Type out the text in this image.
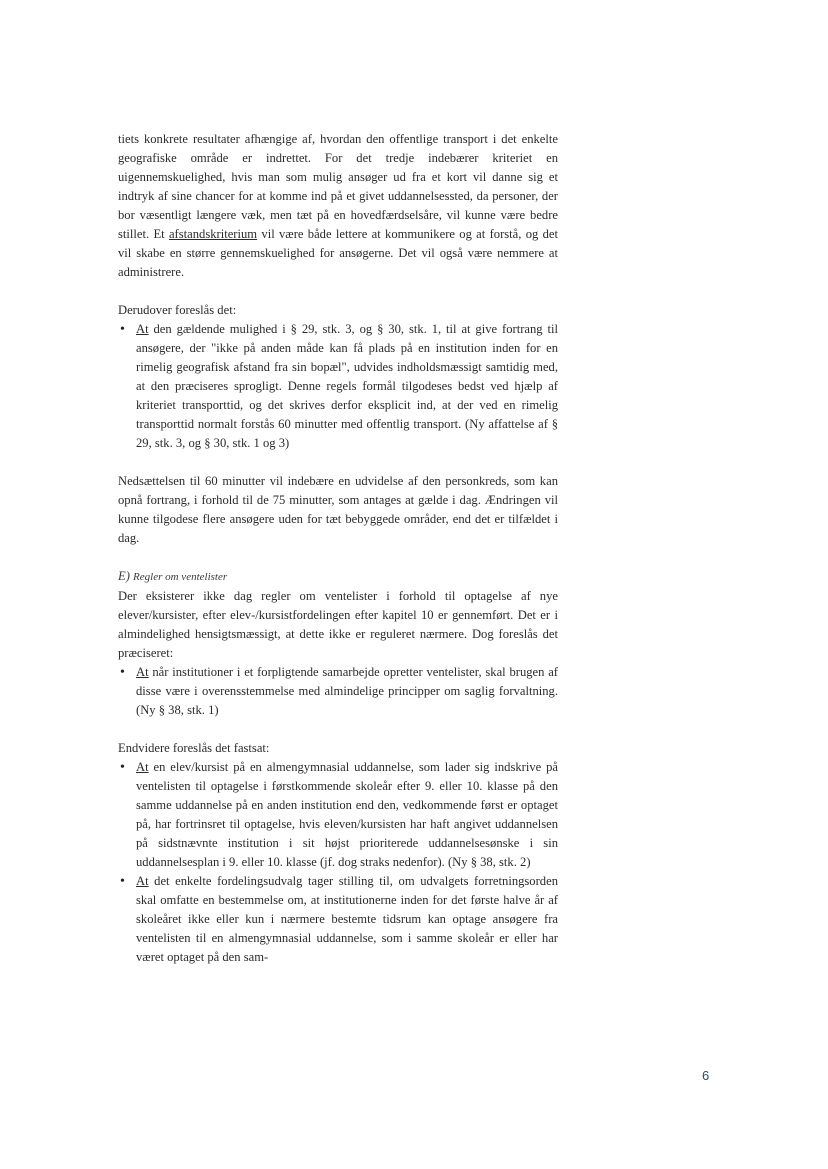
tiets konkrete resultater afhængige af, hvordan den offentlige transport i det enkelte geografiske område er indrettet. For det tredje indebærer kriteriet en uigennemskuelighed, hvis man som mulig ansøger ud fra et kort vil danne sig et indtryk af sine chancer for at komme ind på et givet uddannelsessted, da personer, der bor væsentligt længere væk, men tæt på en hovedfærdselsåre, vil kunne være bedre stillet. Et afstandskriterium vil være både lettere at kommunikere og at forstå, og det vil skabe en større gennemskuelighed for ansøgerne. Det vil også være nemmere at administrere.

Derudover foreslås det:

• At den gældende mulighed i § 29, stk. 3, og § 30, stk. 1, til at give fortrang til ansøgere, der "ikke på anden måde kan få plads på en institution inden for en rimelig geografisk afstand fra sin bopæl", udvides indholdsmæssigt samtidig med, at den præciseres sprogligt. Denne regels formål tilgodeses bedst ved hjælp af kriteriet transporttid, og det skrives derfor eksplicit ind, at der ved en rimelig transporttid normalt forstås 60 minutter med offentlig transport. (Ny affattelse af § 29, stk. 3, og § 30, stk. 1 og 3)

Nedsættelsen til 60 minutter vil indebære en udvidelse af den personkreds, som kan opnå fortrang, i forhold til de 75 minutter, som antages at gælde i dag. Ændringen vil kunne tilgodese flere ansøgere uden for tæt bebyggede områder, end det er tilfældet i dag.

E) Regler om ventelister

Der eksisterer ikke dag regler om ventelister i forhold til optagelse af nye elever/kursister, efter elev-/kursistfordelingen efter kapitel 10 er gennemført. Det er i almindelighed hensigtsmæssigt, at dette ikke er reguleret nærmere. Dog foreslås det præciseret:

• At når institutioner i et forpligtende samarbejde opretter ventelister, skal brugen af disse være i overensstemmelse med almindelige principper om saglig forvaltning. (Ny § 38, stk. 1)

Endvidere foreslås det fastsat:

• At en elev/kursist på en almengymnasial uddannelse, som lader sig indskrive på ventelisten til optagelse i førstkommende skoleår efter 9. eller 10. klasse på den samme uddannelse på en anden institution end den, vedkommende først er optaget på, har fortrinsret til optagelse, hvis eleven/kursisten har haft angivet uddannelsen på sidstnævnte institution i sit højst prioriterede uddannelsesønske i sin uddannelsesplan i 9. eller 10. klasse (jf. dog straks nedenfor). (Ny § 38, stk. 2)
• At det enkelte fordelingsudvalg tager stilling til, om udvalgets forretningsorden skal omfatte en bestemmelse om, at institutionerne inden for det første halve år af skoleåret ikke eller kun i nærmere bestemte tidsrum kan optage ansøgere fra ventelisten til en almengymnasial uddannelse, som i samme skoleår er eller har været optaget på den sam-
6
